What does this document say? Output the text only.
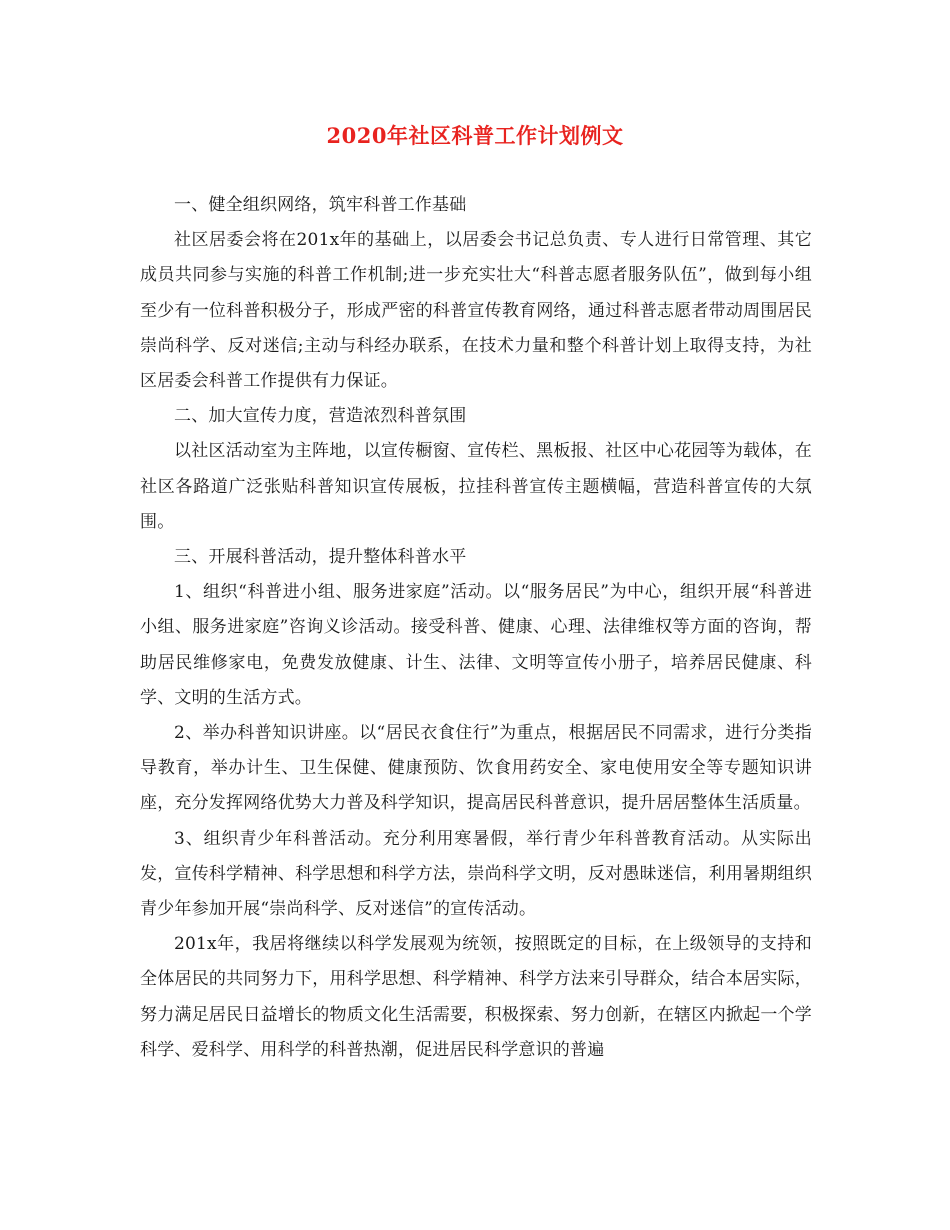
2020年社区科普工作计划例文

一、健全组织网络，筑牢科普工作基础

社区居委会将在201x年的基础上，以居委会书记总负责、专人进行日常管理、其它成员共同参与实施的科普工作机制;进一步充实壮大“科普志愿者服务队伍”，做到每小组至少有一位科普积极分子，形成严密的科普宣传教育网络，通过科普志愿者带动周围居民崇尚科学、反对迷信;主动与科经办联系，在技术力量和整个科普计划上取得支持，为社区居委会科普工作提供有力保证。

二、加大宣传力度，营造浓烈科普氛围

以社区活动室为主阵地，以宣传橱窗、宣传栏、黑板报、社区中心花园等为载体，在社区各路道广泛张贴科普知识宣传展板，拉挂科普宣传主题横幅，营造科普宣传的大氛围。

三、开展科普活动，提升整体科普水平

1、组织“科普进小组、服务进家庭”活动。以“服务居民”为中心，组织开展“科普进小组、服务进家庭”咨询义诊活动。接受科普、健康、心理、法律维权等方面的咨询，帮助居民维修家电，免费发放健康、计生、法律、文明等宣传小册子，培养居民健康、科学、文明的生活方式。

2、举办科普知识讲座。以“居民衣食住行”为重点，根据居民不同需求，进行分类指导教育，举办计生、卫生保健、健康预防、饮食用药安全、家电使用安全等专题知识讲座，充分发挥网络优势大力普及科学知识，提高居民科普意识，提升居居整体生活质量。

3、组织青少年科普活动。充分利用寒暑假，举行青少年科普教育活动。从实际出发，宣传科学精神、科学思想和科学方法，崇尚科学文明，反对愚昧迷信，利用暑期组织青少年参加开展“崇尚科学、反对迷信”的宣传活动。

201x年，我居将继续以科学发展观为统领，按照既定的目标，在上级领导的支持和全体居民的共同努力下，用科学思想、科学精神、科学方法来引导群众，结合本居实际，努力满足居民日益增长的物质文化生活需要，积极探索、努力创新，在辖区内掀起一个学科学、爱科学、用科学的科普热潮，促进居民科学意识的普遍
